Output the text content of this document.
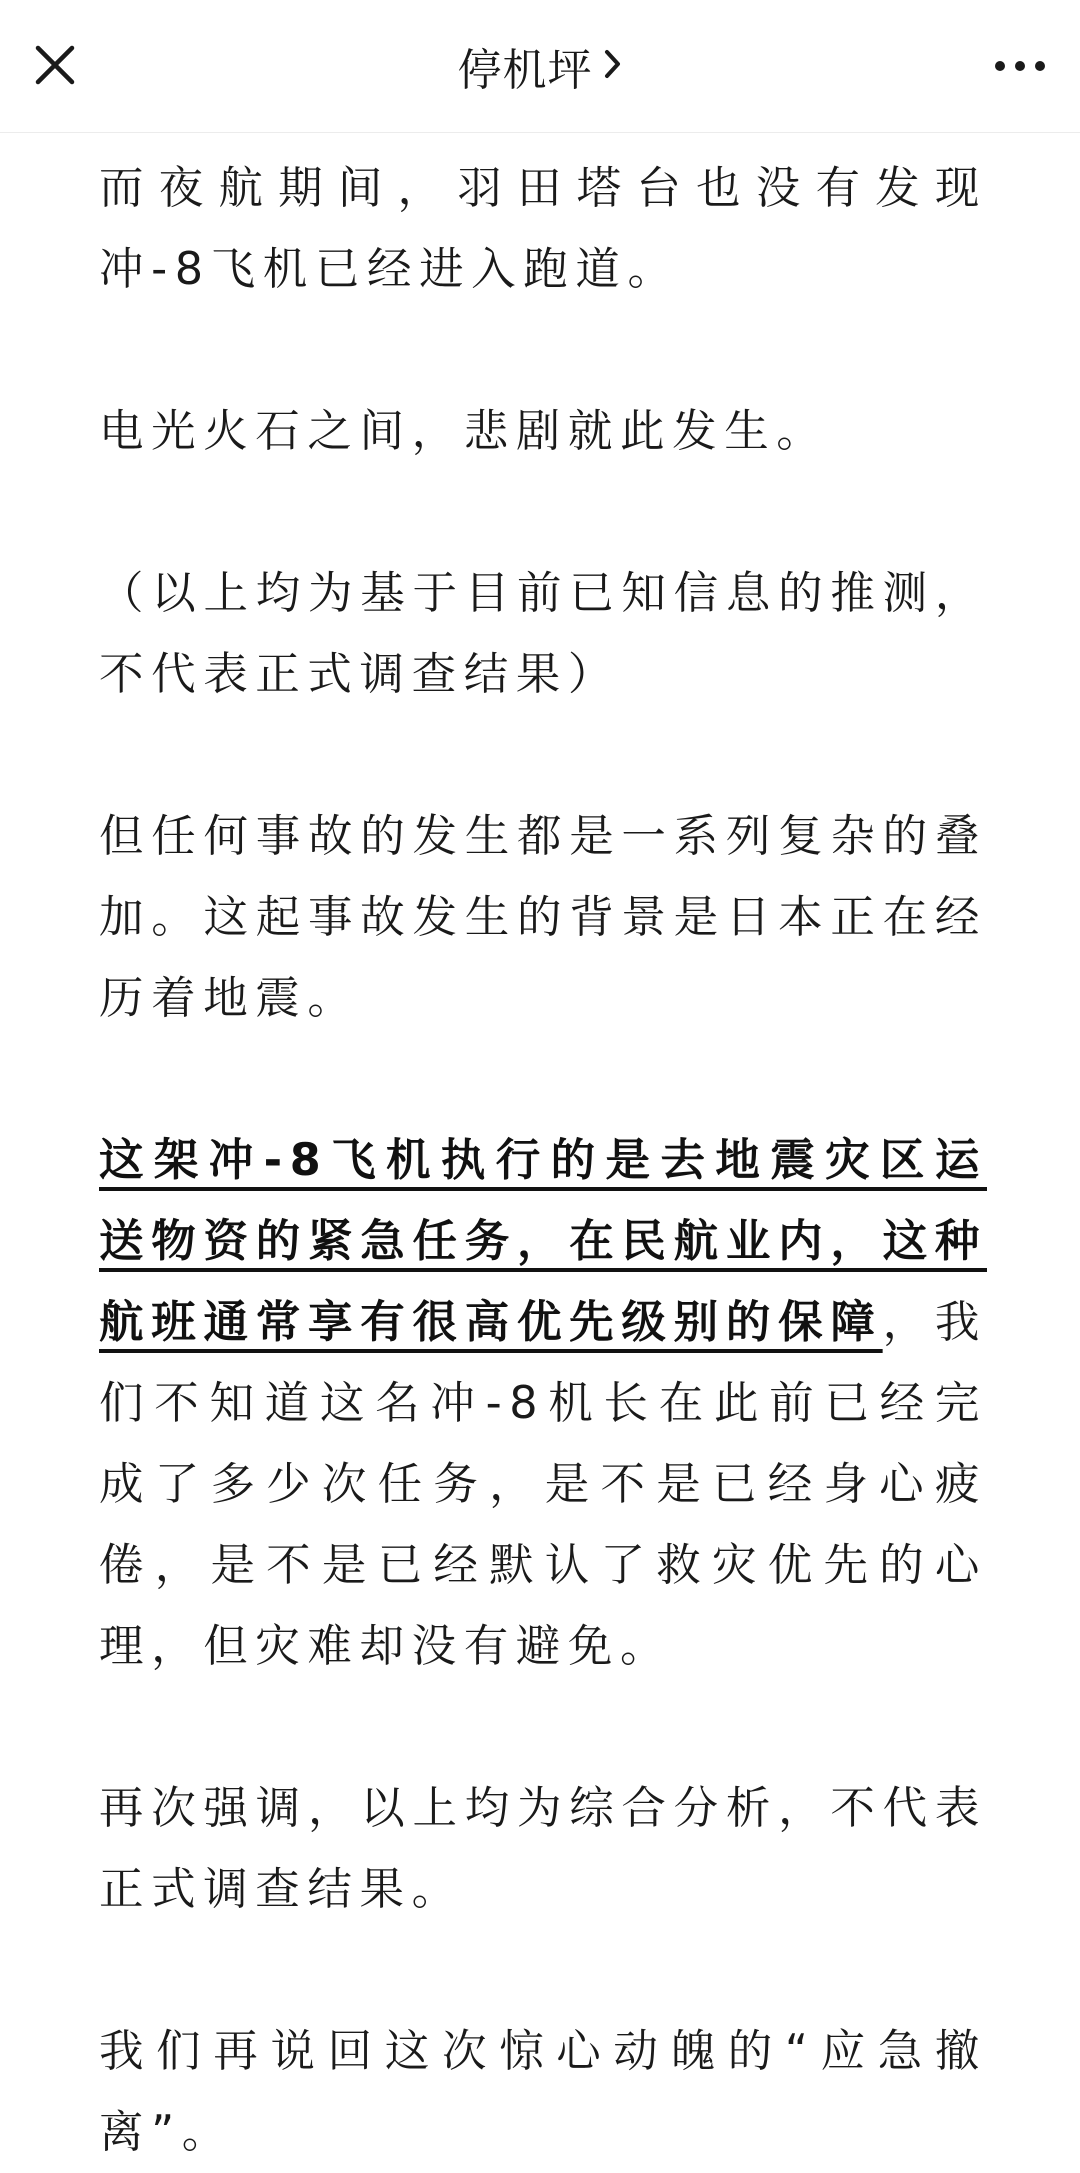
停机坪

而夜航期间，羽田塔台也没有发现冲-8飞机已经进入跑道。

电光火石之间，悲剧就此发生。

（以上均为基于目前已知信息的推测，不代表正式调查结果）

但任何事故的发生都是一系列复杂的叠加。这起事故发生的背景是日本正在经历着地震。

这架冲-8飞机执行的是去地震灾区运送物资的紧急任务，在民航业内，这种航班通常享有很高优先级别的保障，我们不知道这名冲-8机长在此前已经完成了多少次任务，是不是已经身心疲倦，是不是已经默认了救灾优先的心理，但灾难却没有避免。

再次强调，以上均为综合分析，不代表正式调查结果。

我们再说回这次惊心动魄的“应急撤离”。
